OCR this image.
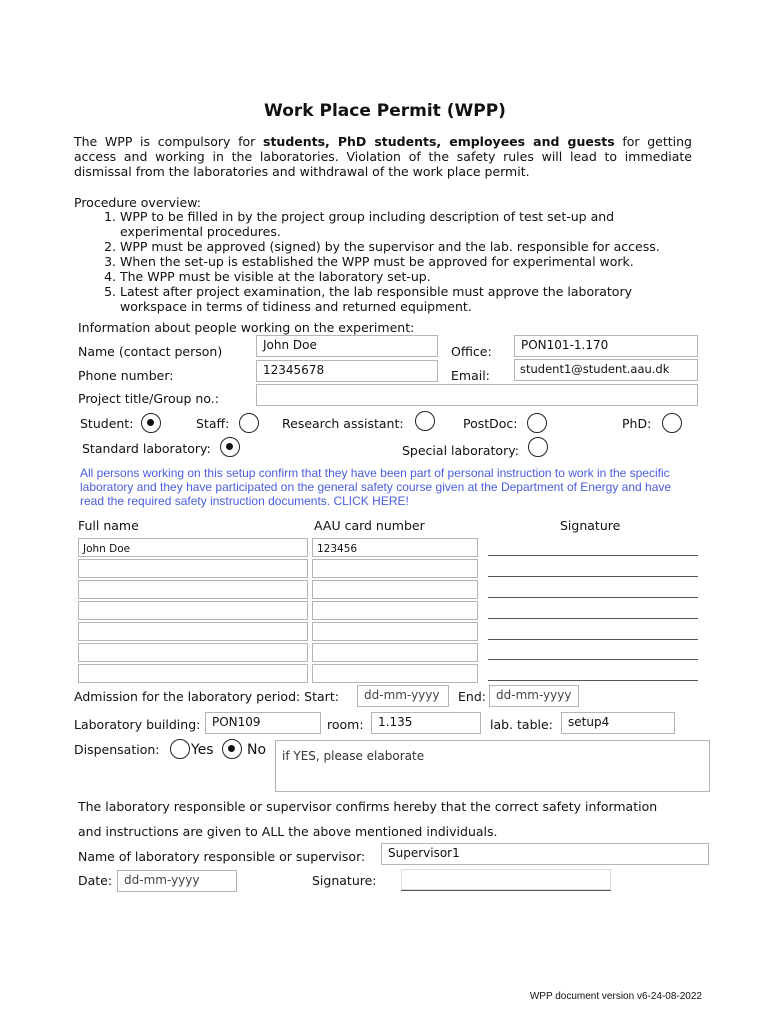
Work Place Permit (WPP)
The WPP is compulsory for students, PhD students, employees and guests for getting access and working in the laboratories. Violation of the safety rules will lead to immediate dismissal from the laboratories and withdrawal of the work place permit.
Procedure overview:
1. WPP to be filled in by the project group including description of test set-up and experimental procedures.
2. WPP must be approved (signed) by the supervisor and the lab. responsible for access.
3. When the set-up is established the WPP must be approved for experimental work.
4. The WPP must be visible at the laboratory set-up.
5. Latest after project examination, the lab responsible must approve the laboratory workspace in terms of tidiness and returned equipment.
Information about people working on the experiment:
Name (contact person)	John Doe	Office:	PON101-1.170
Phone number:	12345678	Email:	student1@student.aau.dk
Project title/Group no.:
Student:	Staff:	Research assistant:	PostDoc:	PhD:
Standard laboratory:	Special laboratory:
All persons working on this setup confirm that they have been part of personal instruction to work in the specific laboratory and they have participated on the general safety course given at the Department of Energy and have read the required safety instruction documents. CLICK HERE!
Full name	AAU card number	Signature
John Doe	123456
Admission for the laboratory period: Start:	dd-mm-yyyy	End: dd-mm-yyyy
Laboratory building: PON109	room:	1.135	lab. table:	setup4
Dispensation: Yes No	if YES, please elaborate
The laboratory responsible or supervisor confirms hereby that the correct safety information
and instructions are given to ALL the above mentioned individuals.
Name of laboratory responsible or supervisor:	Supervisor1
Date: dd-mm-yyyy	Signature:
WPP document version v6-24-08-2022
